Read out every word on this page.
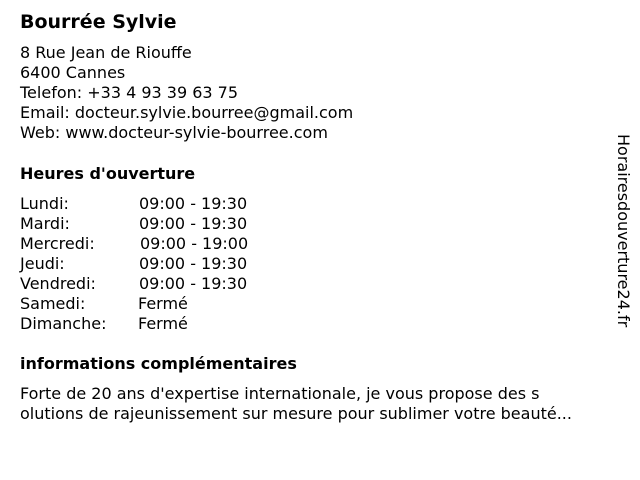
Bourrée Sylvie
8 Rue Jean de Riouffe
6400 Cannes
Telefon: +33 4 93 39 63 75
Email: docteur.sylvie.bourree@gmail.com
Web: www.docteur-sylvie-bourree.com
Heures d'ouverture
Lundi:	09:00 - 19:30
Mardi:	09:00 - 19:30
Mercredi:	09:00 - 19:00
Jeudi:	09:00 - 19:30
Vendredi:	09:00 - 19:30
Samedi:	Fermé
Dimanche: Fermé
informations complémentaires
Forte de 20 ans d'expertise internationale, je vous propose des s
olutions de rajeunissement sur mesure pour sublimer votre beauté...
Horairesdouverture24.fr
